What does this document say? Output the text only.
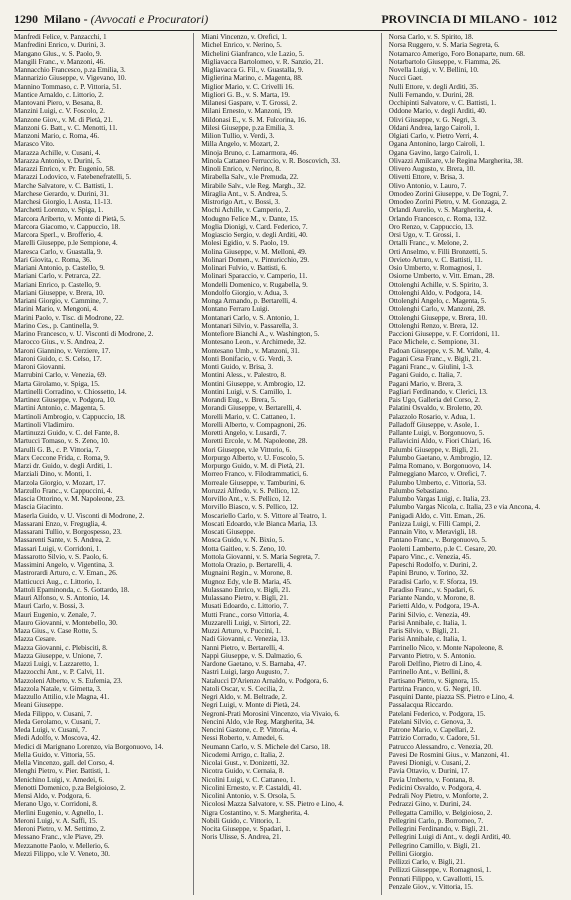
1290 Milano - (Avvocati e Procuratori)	PROVINCIA DI MILANO - 1012
Manfredi Felice, v. Panzacchi, 1
Manfredini Enrico, v. Durini, 3.
Mangano Glus., v. S. Paolo, 9.
Mangili Franc., v. Manzoni, 46.
Mannacchio Francesco, p.za Emilia, 3.
Mannarizio Giuseppe, v. Vigevano, 10.
Mannino Tommaso, c. P. Vittoria, 51.
Mantice Arnaldo, c. Littorio, 2.
Mantovani Piero, v. Besana, 8.
Manzini Luigi, c. V. Foscolo, 2.
Manzone Giov., v. M. di Pietà, 21.
Manzoni G. Batt., v. C. Menotti, 11.
Manzoni Mario, c. Roma, 46.
Marasco Vito.
Marazza Achille, v. Cusani, 4.
Marazza Antonio, v. Durini, 5.
Marazzi Enrico, v. Pr. Eugenio, 58.
Marazzi Lodovico, v. Fatebenefratelli, 5.
Marche Salvatore, v. C. Battisti, 1.
Marchese Gerardo, v. Durini, 31.
Marchesi Giorgio, l. Aosta, 11-13.
Marchetti Lorenzo, v. Spiga, 1.
Marcora Ariberto, v. Monte di Pietà, 5.
Marcora Giacomo, v. Cappuccio, 18.
Marcora Sperl., v. Brofferio, 4.
Marelli Giuseppe, p.le Sempione, 4.
Maresca Carlo, v. Guastalla, 9.
Mari Giovita, c. Roma, 36.
Mariani Antonio, p. Castello, 9.
Mariani Carlo, v. Petrarca, 22.
Mariani Enrico, p. Castello, 9.
Mariani Giuseppe, v. Brera, 10.
Mariani Giorgio, v. Camminе, 7.
Marini Mario, v. Mengoni, 4.
Marini Paolo, v. Tisc. di Modrone, 22.
Marino Ces., p. Cantinella, 9.
Marino Francesco, v. U. Visconti di Modrone, 2.
Marocco Gius., v. S. Andrea, 2.
Maroni Giannino, v. Verziere, 17.
Maroni Guido, c. S. Celso, 17.
Maroni Giovanni.
Marrubini Carlo, v. Venezia, 69.
Marta Girolamo, v. Spiga, 15.
Martinelli Corradino, v. Chiossetto, 14.
Martinez Giuseppe, v. Podgora, 10.
Martini Antonio, c. Magenta, 5.
Martinoli Ambrogio, v. Cappuccio, 18.
Martinoli Vladimiro.
Martinuzzi Guido, v. C. del Fante, 8.
Martucci Tomaso, v. S. Zeno, 10.
Marulli G. B., c. P. Vittoria, 7.
Marx Ceccone Frida, c. Roma, 9.
Marzi dr. Guido, v. degli Arditi, 1.
Marziali Dino, v. Monti, 1.
Marzola Giorgio, v. Mozart, 17.
Marzullo Franc., v. Cappuccini, 4.
Mascia Ottorino, v. M. Napoleone, 23.
Mascia Giacinto.
Maserla Guido, v. U. Visconti di Modrone, 2.
Massarani Enzo, v. Freguglia, 4.
Massarani Tullio, v. Borgospesso, 23.
Massarenti Sante, v. S. Andrea, 2.
Massari Luigi, v. Corridoni, 1.
Massarotto Silvio, v. S. Paolo, 6.
Massimini Angelo, v. Vigentina, 3.
Mastrorardi Arturo, c. V. Eman., 26.
Matticucci Aug., c. Littorio, 1.
Mattoli Epaminonda, c. S. Gottardo, 18.
Mauri Alfonso, v. S. Antonio, 14.
Mauri Carlo, v. Bossi, 3.
Mauri Eugenio, v. Zenale, 7.
Mauro Giovanni, v. Montebello, 30.
Maza Gius., v. Case Rotte, 5.
Mazza Cesare.
Mazza Giovanni, c. Plebisciti, 8.
Mazza Giuseppe, v. Unione, 7.
Mazzi Luigi, v. Lazzaretto, 1.
Mazzocchi Ant., v. P. Calvi, 11.
Mazzoleni Alberto, v. S. Eufemia, 23.
Mazzola Natale, v. Gimetta, 3.
Mazzullo Attilio, v.le Magna, 41.
Meani Giuseppe.
Meda Filippo, v. Cusani, 7.
Meda Gerolamo, v. Cusani, 7.
Meda Luigi, v. Cusani, 7.
Medi Adolfo, v. Moscova, 42.
Medici di Marignano Lorenzo, via Borgonuovo, 14.
Mella Guido, v. Vittoria, 55.
Mella Vincenzo, gall. del Corso, 4.
Menghi Pietro, v. Pier. Battisti, 1.
Menichino Luigi, v. Amedei, 6.
Menotti Domenico, p.za Belgioioso, 2.
Mensi Aldo, v. Podgora, 6.
Merano Ugo, v. Corridoni, 8.
Merlini Eugenio, v. Agnello, 1.
Meroni Luigi, v. A. Saffi, 15.
Meroni Pietro, v. M. Settimo, 2.
Messano Franc., v.le Piave, 29.
Mezzanotte Paolo, v. Mellerio, 6.
Mezzi Filippo, v.le V. Veneto, 30.
Miani Vincenzo, v. Orefici, 1.
Michel Enrico, v. Nerino, 5.
Michelini Gianfranco, v.le Lazio, 5.
Migliavacca Bartolomeo, v. R. Sanzio, 21.
Migliavacca G. Fil., v. Guastalla, 9.
Miglierina Marino, c. Magenta, 88.
Miglior Mario, v. C. Crivelli 16.
Migliori G. B., v. S. Marta, 19.
Milanesi Gaspare, v. T. Grossi, 2.
Milani Ernesto, v. Manzoni, 19.
Mildonasi E., v. S. M. Fulcorina, 16.
Milesi Giuseppe, p.za Emilia, 3.
Milion Tullio, v. Verdi, 3.
Milla Angelo, v. Mozart, 2.
Minoja Bruno, c. Lamarmora, 46.
Minola Cattaneo Ferruccio, v. R. Boscovich, 33.
Minoli Enrico, v. Nerino, 8.
Mirabella Salv., v.le Premuda, 22.
Mirabile Salv., v.le Reg. Margh., 32.
Miraglia Ant., v. S. Andrea, 5.
Mistrorigo Art., v. Bossi, 3.
Mochi Achille, v. Camperio, 2.
Modugno Felice M., v. Dante, 15.
Moglia Dionigi, v. Card. Federico, 7.
Mogiascio Sergio, v. degli Arditi, 40.
Molesi Egidio, v. S. Paolo, 19.
Molina Giuseppe, v. M. Melloni, 49.
Molinari Domen., v. Pinturicchio, 29.
Molinari Fulvio, v. Battisti, 6.
Molinari Sparaccio, v. Camperio, 11.
Mondelli Domenico, v. Rugabella, 9.
Mondolfo Giorgio, v. Adua, 3.
Monga Armando, p. Bertarelli, 4.
Montano Ferraro Luigi.
Montanari Carlo, v. S. Antonio, 1.
Montanari Silvio, v. Passarella, 3.
Montefiore Bianchi A., v. Washington, 5.
Montesano Leon., v. Archimede, 32.
Montesano Umb., v. Manzoni, 31.
Monti Bonifacio, v. G. Verdi, 3.
Monti Guido, v. Brisa, 3.
Montini Aless., v. Palestro, 8.
Montini Giuseppe, v. Ambrogio, 12.
Montini Luigi, v. S. Camillo, 1.
Morandi Eug., v. Brera, 5.
Morandi Giuseppe, v. Bertarelli, 4.
Morelli Mario, v. C. Cattaneo, 1.
Morelli Alberto, v. Compagnoni, 26.
Moretti Angelo, v. Lusardi, 7.
Moretti Ercole, v. M. Napoleone, 28.
Mori Giuseppe, v.le Vittorio, 6.
Morpurgo Alberto, v. U. Foscolo, 5.
Morpurgo Guido, v. M. di Pietà, 21.
Morreo Franco, v. Filodrammatici, 6.
Morreale Giuseppe, v. Tamburini, 6.
Moruzzi Alfredo, v. S. Pellico, 12.
Morvillo Ant., v. S. Pellico, 12.
Morvillo Biasco, v. S. Pellico, 12.
Moscariello Carlo, v. S. Vittore al Teatro, 1.
Moscati Edoardo, v.le Bianca Maria, 13.
Moscati Giuseppe.
Mosca Guido, v. N. Bixio, 5.
Motta Gaitleo, v. S. Zeno, 10.
Mottola Giovanni, v. S. Maria Segreta, 7.
Mottola Orazio, p. Bertarelli, 4.
Mugnaini Regin., v. Morone, 8.
Mugnoz Edy, v.le B. Maria, 45.
Mulassano Enrico, v. Bigli, 21.
Mulassano Pietro, v. Bigli, 21.
Musati Edoardo, c. Littorio, 7.
Mutti Franc., corso Vittoria, 4.
Muzzarelli Luigi, v. Sirtori, 22.
Muzzi Arturo, v. Puccini, 1.
Nadi Giovanni, c. Venezia, 13.
Nanni Pietro, v. Bertarelli, 4.
Nappi Giuseppe, v. S. Dalmazio, 6.
Nardone Gaetano, v. S. Barnaba, 47.
Nastri Luigi, largo Augusto, 7.
Natalucci D'Arienzo Arnaldo, v. Podgora, 6.
Natoli Oscar, v. S. Cecilia, 2.
Negri Aldo, v. M. Beltrade, 2.
Negri Luigi, v. Monte di Pietà, 24.
Negroni-Prati Morosini Vincenzo, via Vivaio, 6.
Nencini Aldo, v.le Reg. Margherita, 34.
Nencini Gastone, c. P. Vittoria, 4.
Nessi Roberto, v. Amedei, 6.
Neumann Carlo, v. S. Michele del Carso, 18.
Nicodemi Arrigo, c. Italia, 2.
Nicolai Gust., v. Donizetti, 32.
Nicotra Guido, v. Cernaia, 8.
Nicolini Luigi, v. C. Cattaneo, 1.
Nicolini Ernesto, v. P. Castaldi, 41.
Nicolini Antonio, v. S. Orsola, 5.
Nicolosi Mazza Salvatore, v. SS. Pietro e Lino, 4.
Nigra Costantino, v. S. Margherita, 4.
Nobili Guido, c. Vittorio, 1.
Nocita Giuseppe, v. Spadari, 1.
Noris Ulisse, S. Andrea, 21.
Norsa Carlo, v. S. Spirito, 18.
Norsa Ruggero, v. S. Maria Segreta, 6.
Notamarco Amerigo, Foro Bonaparte, num. 68.
Notarbartolo Giuseppe, v. Fiamma, 26.
Novella Luigi, v. V. Bellini, 10.
Nucci Gaet.
Nulli Ettore, v. degli Arditi, 35.
Nulli Fernando, v. Durini, 28.
Occhipinti Salvatore, v. C. Battisti, 1.
Oddone Mario, v. degli Arditi, 40.
Olivi Giuseppe, v. G. Negri, 3.
Oldani Andrea, largo Cairoli, 1.
Olgiati Carlo, v. Pietro Verri, 4.
Ogana Antonino, largo Cairoli, 1.
Ogana Gavino, largo Cairoli, 1.
Olivazzi Amilcare, v.le Regina Margherita, 38.
Olivero Augusto, v. Brera, 10.
Olivetti Ettore, v. Brisa, 3.
Olivo Antonio, v. Lauro, 7.
Omodeo Zorini Giuseppe, v. De Togni, 7.
Omodeo Zorini Pietro, v. M. Gonzaga, 2.
Orlandi Aurelio, v. S. Margherita, 4.
Orlando Francesco, c. Roma, 132.
Oro Renzo, v. Cappuccio, 13.
Orsi Ugo, v. T. Grossi, 1.
Ortalli Franc., v. Melone, 2.
Orti Anselmo, v. Filli Bronzetti, 5.
Orvieto Arturo, v. C. Battisti, 11.
Osio Umberto, v. Romagnosi, 1.
Osiorne Umberto, v. Vitt. Eman., 28.
Ottolenghi Achille, v. S. Spirito, 3.
Ottolenghi Aldo, v. Podgora, 14.
Ottolenghi Angelo, c. Magenta, 5.
Ottolenghi Carlo, v. Manzoni, 28.
Ottolenghi Giuseppe, v. Brera, 10.
Ottolenghi Renzo, v. Brera, 12.
Paccioni Giuseppe, v. F. Corridoni, 11.
Pace Michele, c. Sempione, 31.
Padoan Giuseppe, v. S. M. Valle, 4.
Pagani Cesa Franc., v. Bigli, 21.
Pagani Franc., v. Giulini, 1-3.
Pagani Guido, c. Italia, 7.
Pagani Mario, v. Brera, 3.
Pagliari Ferdinando, v. Clerici, 13.
Pais Ugo, Galleria del Corso, 2.
Palatini Osvaldo, v. Broletto, 20.
Palazzolo Rosario, v. Adua, 1.
Palladoff Giuseppe, v. Asole, 1.
Pallante Luigi, v. Borgonuovo, 5.
Pallavicini Aldo, v. Fiori Chiari, 16.
Palumbi Giuseppe, v. Bigli, 21.
Palumbo Gaetano, v. Ambrogio, 12.
Palma Romano, v. Borgonuovo, 14.
Palmeggiano Marco, v. Orefici, 7.
Palumbo Umberto, c. Vittoria, 53.
Palumbo Sebastiano.
Palumbo Vargas Luigi, c. Italia, 23.
Palumbo Vargas Nicola, c. Italia, 23 e via Ancona, 4.
Panigadi Aldo, c. Vitt. Eman., 26.
Panizza Luigi, v. Filli Campi, 2.
Pannain Vito, v. Meravigli, 18.
Pantano Franc., v. Borgonuovo, 5.
Paoletti Lamberto, p.le C. Cesare, 20.
Paparo Vinc., c. Venezia, 45.
Papeschi Rodolfo, v. Durini, 2.
Papini Bruno, v. Torino, 32.
Paradisi Carlo, v. F. Sforza, 19.
Paradiso Franc., v. Spadari, 6.
Pariante Nando, v. Morone, 8.
Parietti Aldo, v. Podgora, 19-A.
Parini Silvio, c. Venezia, 49.
Parisi Annibale, c. Italia, 1.
Paris Silvio, v. Bigli, 21.
Parisi Annibale, c. Italia, 1.
Parrinello Nico, v. Monte Napoleone, 8.
Parvanto Pietro, v. S. Antonio.
Paroli Delfino, Pietro di Lino, 4.
Parrinello Ant., v. Bellini, 8.
Partisano Pietro, v. Signora, 15.
Partrina Franco, v. G. Negri, 10.
Pasquini Dante, piazza SS. Pietro e Lino, 4.
Passalacqua Riccardo.
Patelani Federico, v. Podgora, 15.
Patelani Silvio, c. Genova, 3.
Patrone Mario, v. Capellari, 2.
Patrizio Corrado, v. Cadore, 51.
Patrucco Alessandro, c. Venezia, 20.
Pavesi De Rosmini Gius., v. Manzoni, 41.
Pavesi Dionigi, v. Cusani, 2.
Pavia Ottavio, v. Durini, 17.
Pavia Umberto, v. Fontana, 8.
Pedicini Osvaldo, v. Podgora, 4.
Pedrali Noy Pietro, v. Monforte, 2.
Pedrazzi Gino, v. Durini, 24.
Pellegatta Camillo, v. Belgioioso, 2.
Pellegrini Carlo, p. Borromeo, 7.
Pellegrini Ferdinando, v. Bigli, 21.
Pellegrini Luigi di Ant., v. degli Arditi, 40.
Pellegrino Camillo, v. Bigli, 21.
Pellini Giorgio.
Pellizzi Carlo, v. Bigli, 21.
Pellizzi Giuseppe, v. Romagnosi, 1.
Pennati Filippo, v. Cavallotti, 15.
Penzale Giov., v. Vittoria, 15.
